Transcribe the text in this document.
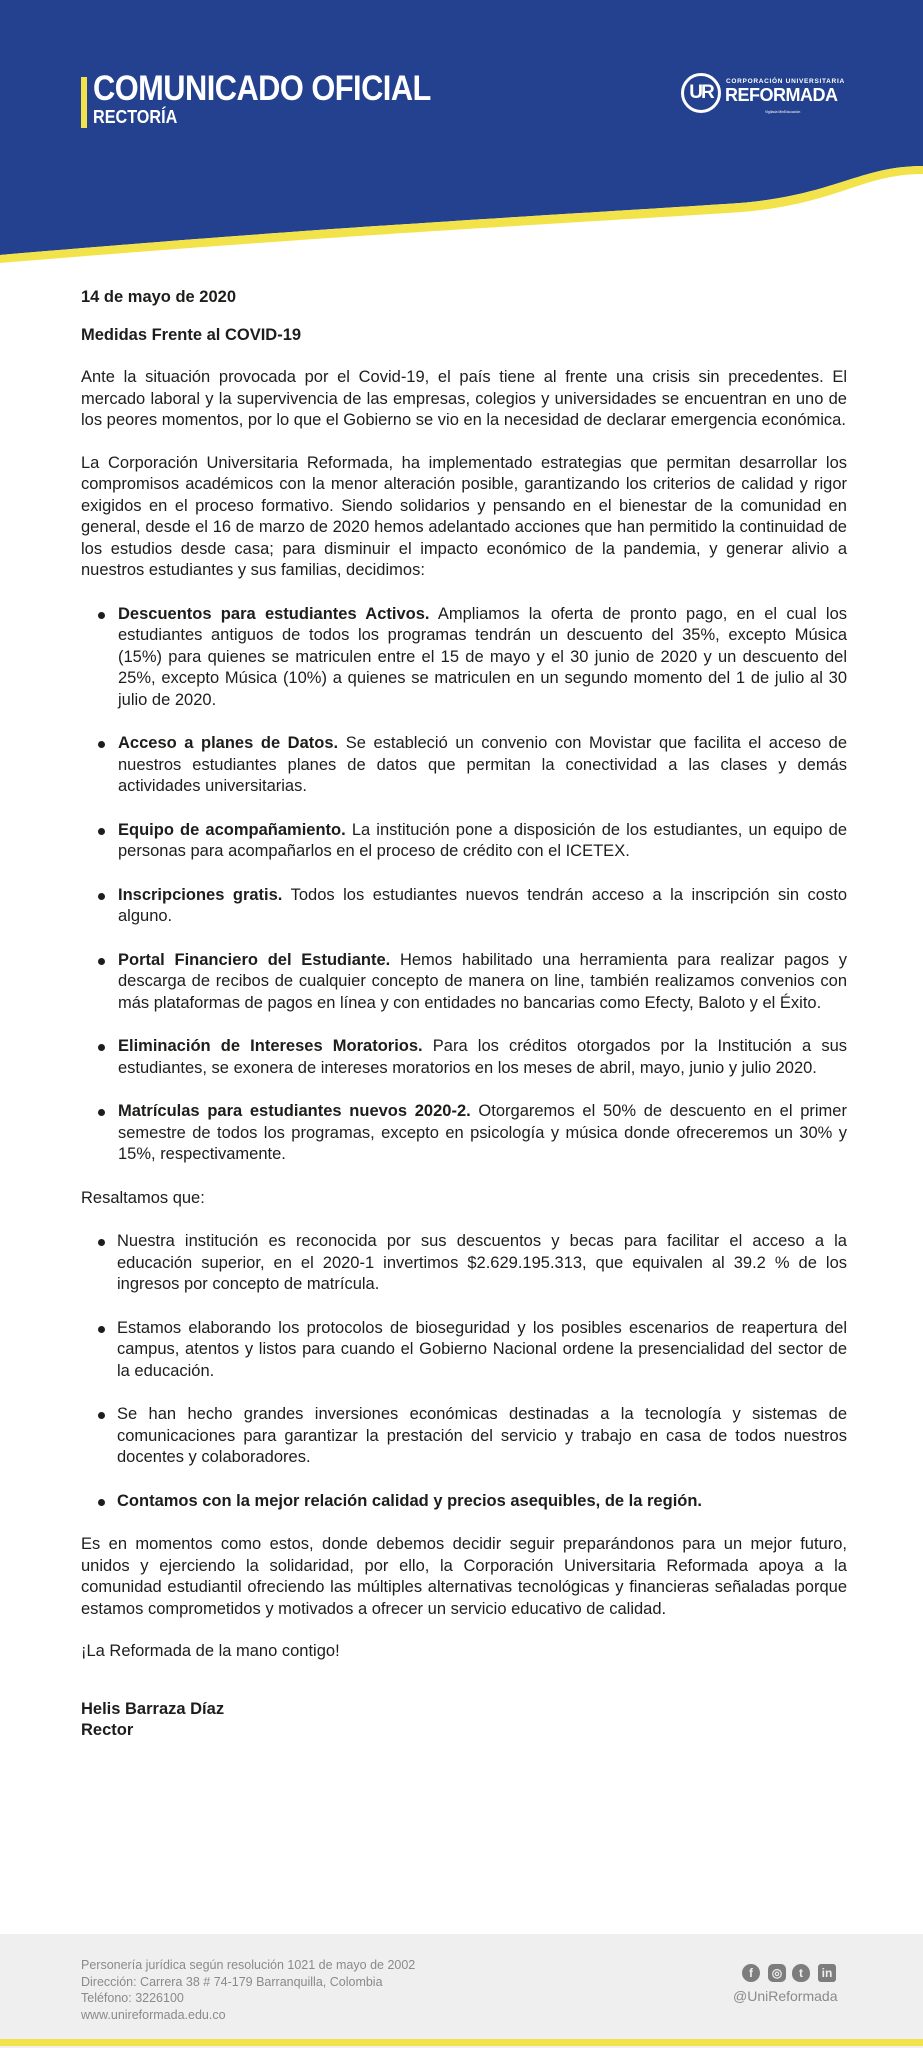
COMUNICADO OFICIAL
RECTORÍA
UR
CORPORACIÓN UNIVERSITARIA
REFORMADA
Vigilada MinEducación

14 de mayo de 2020

Medidas Frente al COVID-19

Ante la situación provocada por el Covid-19, el país tiene al frente una crisis sin precedentes. El mercado laboral y la supervivencia de las empresas, colegios y universidades se encuentran en uno de los peores momentos, por lo que el Gobierno se vio en la necesidad de declarar emergencia económica.

La Corporación Universitaria Reformada, ha implementado estrategias que permitan desarrollar los compromisos académicos con la menor alteración posible, garantizando los criterios de calidad y rigor exigidos en el proceso formativo. Siendo solidarios y pensando en el bienestar de la comunidad en general, desde el 16 de marzo de 2020 hemos adelantado acciones que han permitido la continuidad de los estudios desde casa; para disminuir el impacto económico de la pandemia, y generar alivio a nuestros estudiantes y sus familias, decidimos:

Descuentos para estudiantes Activos. Ampliamos la oferta de pronto pago, en el cual los estudiantes antiguos de todos los programas tendrán un descuento del 35%, excepto Música (15%) para quienes se matriculen entre el 15 de mayo y el 30 junio de 2020 y un descuento del 25%, excepto Música (10%) a quienes se matriculen en un segundo momento del 1 de julio al 30 julio de 2020.
Acceso a planes de Datos. Se estableció un convenio con Movistar que facilita el acceso de nuestros estudiantes planes de datos que permitan la conectividad a las clases y demás actividades universitarias.
Equipo de acompañamiento. La institución pone a disposición de los estudiantes, un equipo de personas para acompañarlos en el proceso de crédito con el ICETEX.
Inscripciones gratis. Todos los estudiantes nuevos tendrán acceso a la inscripción sin costo alguno.
Portal Financiero del Estudiante. Hemos habilitado una herramienta para realizar pagos y descarga de recibos de cualquier concepto de manera on line, también realizamos convenios con más plataformas de pagos en línea y con entidades no bancarias como Efecty, Baloto y el Éxito.
Eliminación de Intereses Moratorios. Para los créditos otorgados por la Institución a sus estudiantes, se exonera de intereses moratorios en los meses de abril, mayo, junio y julio 2020.
Matrículas para estudiantes nuevos 2020-2. Otorgaremos el 50% de descuento en el primer semestre de todos los programas, excepto en psicología y música donde ofreceremos un 30% y 15%, respectivamente.

Resaltamos que:

Nuestra institución es reconocida por sus descuentos y becas para facilitar el acceso a la educación superior, en el 2020-1 invertimos $2.629.195.313, que equivalen al 39.2 % de los ingresos por concepto de matrícula.
Estamos elaborando los protocolos de bioseguridad y los posibles escenarios de reapertura del campus, atentos y listos para cuando el Gobierno Nacional ordene la presencialidad del sector de la educación.
Se han hecho grandes inversiones económicas destinadas a la tecnología y sistemas de comunicaciones para garantizar la prestación del servicio y trabajo en casa de todos nuestros docentes y colaboradores.
Contamos con la mejor relación calidad y precios asequibles, de la región.

Es en momentos como estos, donde debemos decidir seguir preparándonos para un mejor futuro, unidos y ejerciendo la solidaridad, por ello, la Corporación Universitaria Reformada apoya a la comunidad estudiantil ofreciendo las múltiples alternativas tecnológicas y financieras señaladas porque estamos comprometidos y motivados a ofrecer un servicio educativo de calidad.

¡La Reformada de la mano contigo!

Helis Barraza Díaz

Rector

Personería jurídica según resolución 1021 de mayo de 2002
Dirección: Carrera 38 # 74-179 Barranquilla, Colombia
Teléfono: 3226100
www.unireformada.edu.co
f	◎	t	in
@UniReformada
